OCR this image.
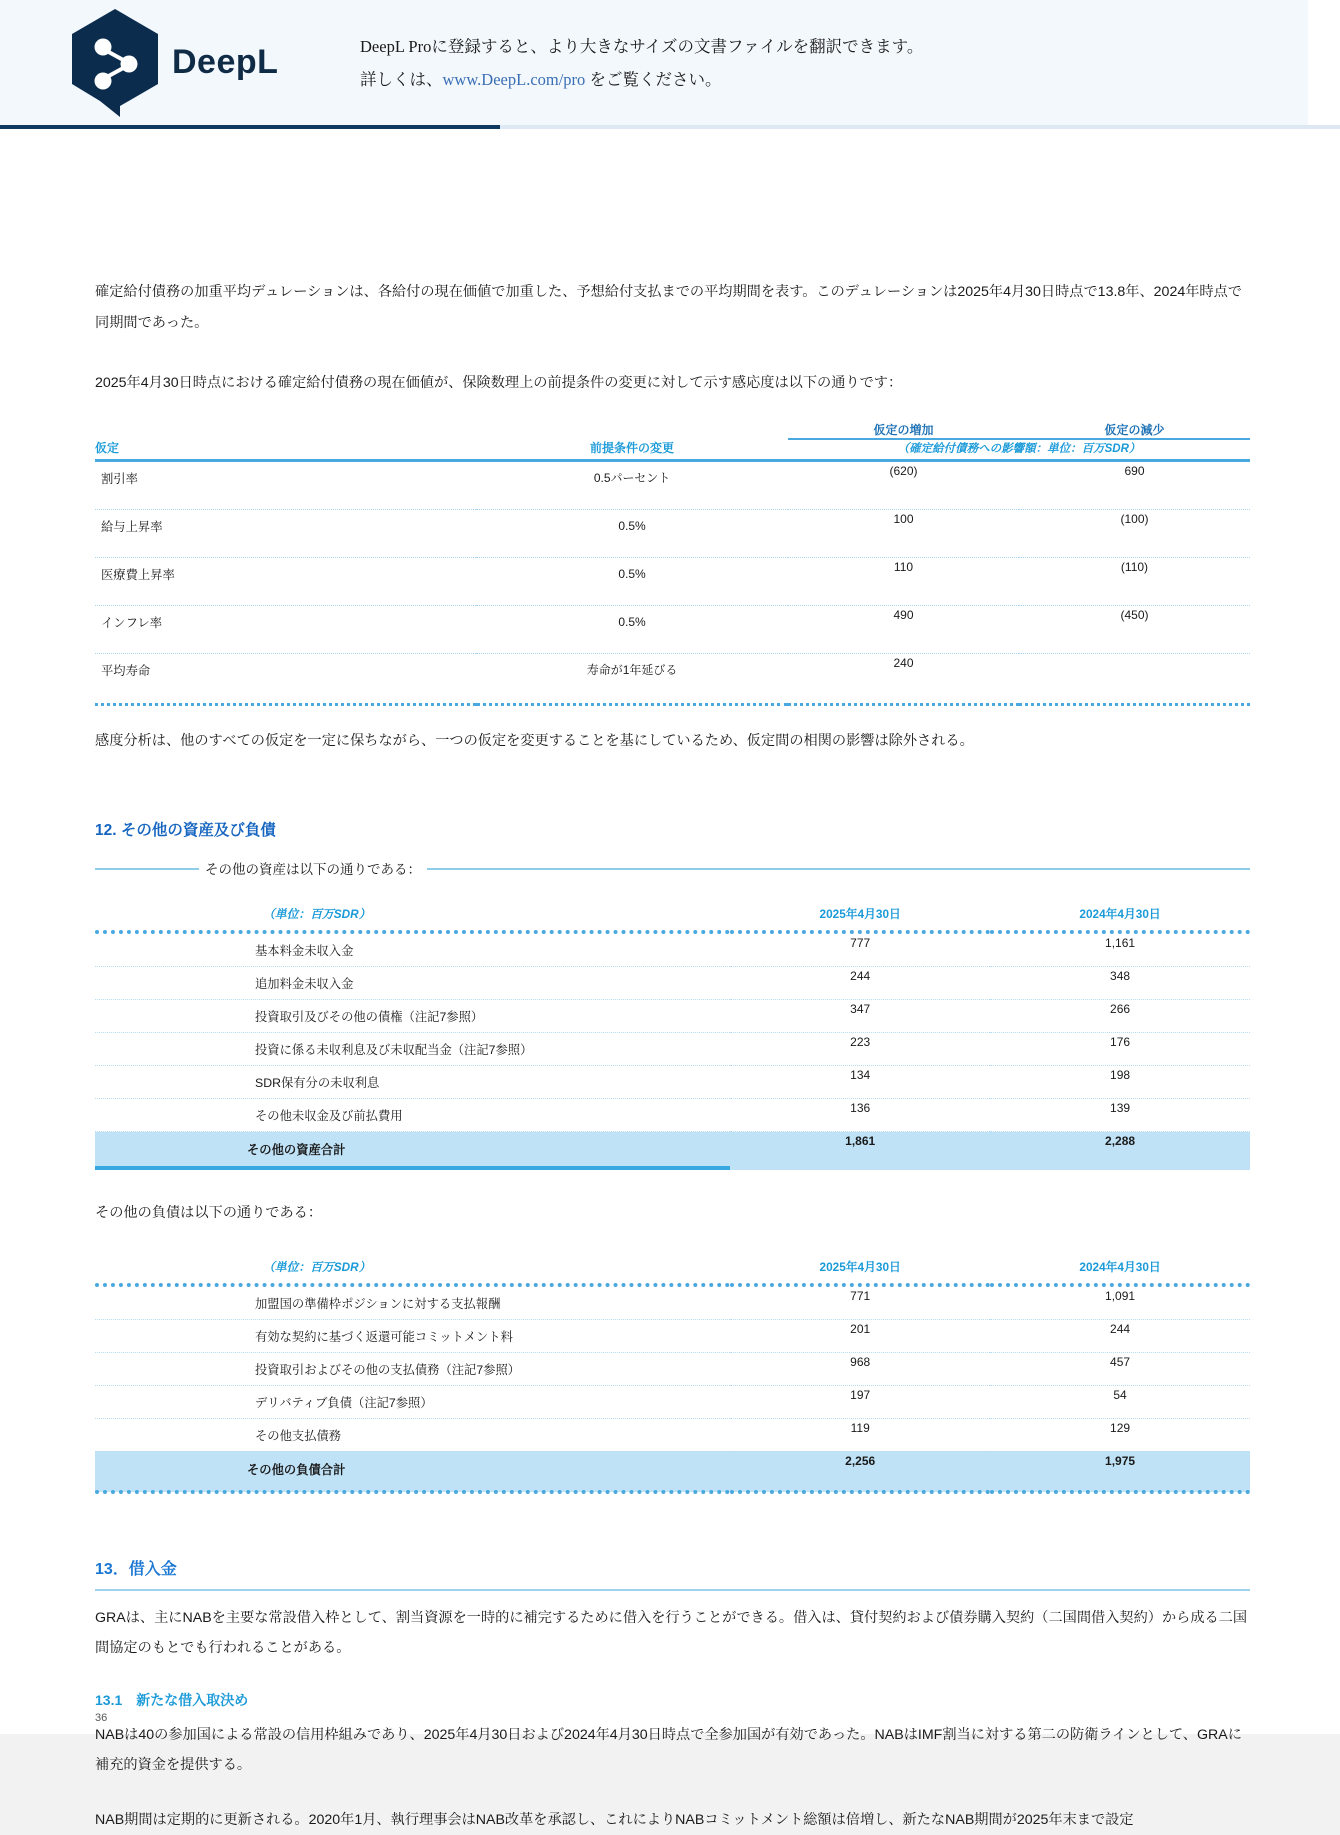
DeepL	DeepL Proに登録すると、より大きなサイズの文書ファイルを翻訳できます。
詳しくは、www.DeepL.com/pro をご覧ください。

確定給付債務の加重平均デュレーションは、各給付の現在価値で加重した、予想給付支払までの平均期間を表す。このデュレーションは2025年4月30日時点で13.8年、2024年時点で同期間であった。

2025年4月30日時点における確定給付債務の現在価値が、保険数理上の前提条件の変更に対して示す感応度は以下の通りです：

		仮定の増加	仮定の減少

仮定	前提条件の変更	（確定給付債務への影響額：単位：百万SDR）	

割引率	0.5パーセント	(620)	690

給与上昇率	0.5%	100	(100)

医療費上昇率	0.5%	110	(110)

インフレ率	0.5%	490	(450)

平均寿命	寿命が1年延びる	240	

感度分析は、他のすべての仮定を一定に保ちながら、一つの仮定を変更することを基にしているため、仮定間の相関の影響は除外される。

12. その他の資産及び負債
その他の資産は以下の通りである：
（単位：百万SDR）	2025年4月30日	2024年4月30日

基本料金未収入金	777	1,161
追加料金未収入金	244	348
投資取引及びその他の債権（注記7参照）	347	266
投資に係る未収利息及び未収配当金（注記7参照）	223	176
SDR保有分の未収利息	134	198
その他未収金及び前払費用	136	139
その他の資産合計	1,861	2,288

その他の負債は以下の通りである：

（単位：百万SDR）	2025年4月30日	2024年4月30日

加盟国の準備枠ポジションに対する支払報酬	771	1,091
有効な契約に基づく返還可能コミットメント料	201	244
投資取引およびその他の支払債務（注記7参照）	968	457
デリバティブ負債（注記7参照）	197	54
その他支払債務	119	129
その他の負債合計	2,256	1,975

13．借入金

GRAは、主にNABを主要な常設借入枠として、割当資源を一時的に補完するために借入を行うことができる。借入は、貸付契約および債券購入契約（二国間借入契約）から成る二国間協定のもとでも行われることがある。

13.1　新たな借入取決め

NABは40の参加国による常設の信用枠組みであり、2025年4月30日および2024年4月30日時点で全参加国が有効であった。NABはIMF割当に対する第二の防衛ラインとして、GRAに補充的資金を提供する。

NAB期間は定期的に更新される。2020年1月、執行理事会はNAB改革を承認し、これによりNABコミットメント総額は倍増し、新たなNAB期間が2025年末まで設定

36
